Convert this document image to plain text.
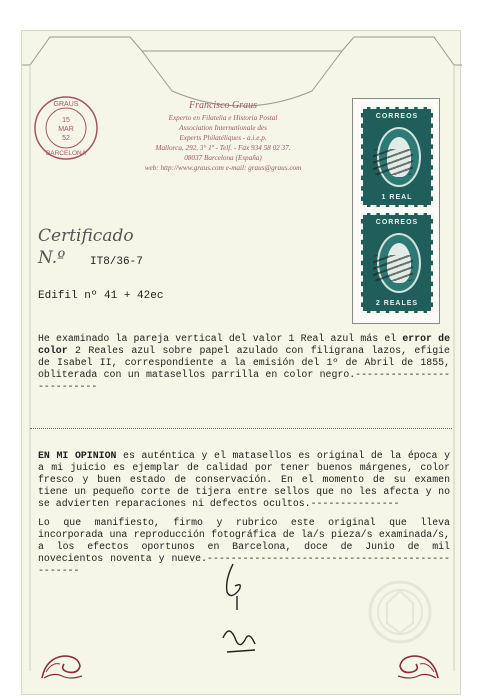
GRAUS
15
MAR
52
BARCELONA
Francisco Graus
Experto en Filatelia e Historia Postal
Association Internationale des
Experts Philatéliques - a.i.e.p.
Mallorca, 292, 3° 1ª - Telf. - Fax 934 58 02 37.
08037 Barcelona (España)
web: http://www.graus.com e-mail: graus@graus.com
CORREOS
1 REAL
CORREOS
2 REALES
Certificado
N.º IT8/36-7
Edifil nº 41 + 42ec
He examinado la pareja vertical del valor 1 Real azul más el error de color 2 Reales azul sobre papel azulado con filigrana lazos, efigie de Isabel II, correspondiente a la emisión del 1º de Abril de 1855, obliterada con un matasellos parrilla en color negro.--------------------------
EN MI OPINION es auténtica y el matasellos es original de la época y a mi juicio es ejemplar de calidad por tener buenos márgenes, color fresco y buen estado de conservación. En el momento de su examen tiene un pequeño corte de tijera entre sellos que no les afecta y no se advierten reparaciones ni defectos ocultos.---------------
Lo que manifiesto, firmo y rubrico este original que lleva incorporada una reproducción fotográfica de la/s pieza/s examinada/s, a los efectos oportunos en Barcelona, doce de Junio de mil novecientos noventa y nueve.------------------------------------------------
